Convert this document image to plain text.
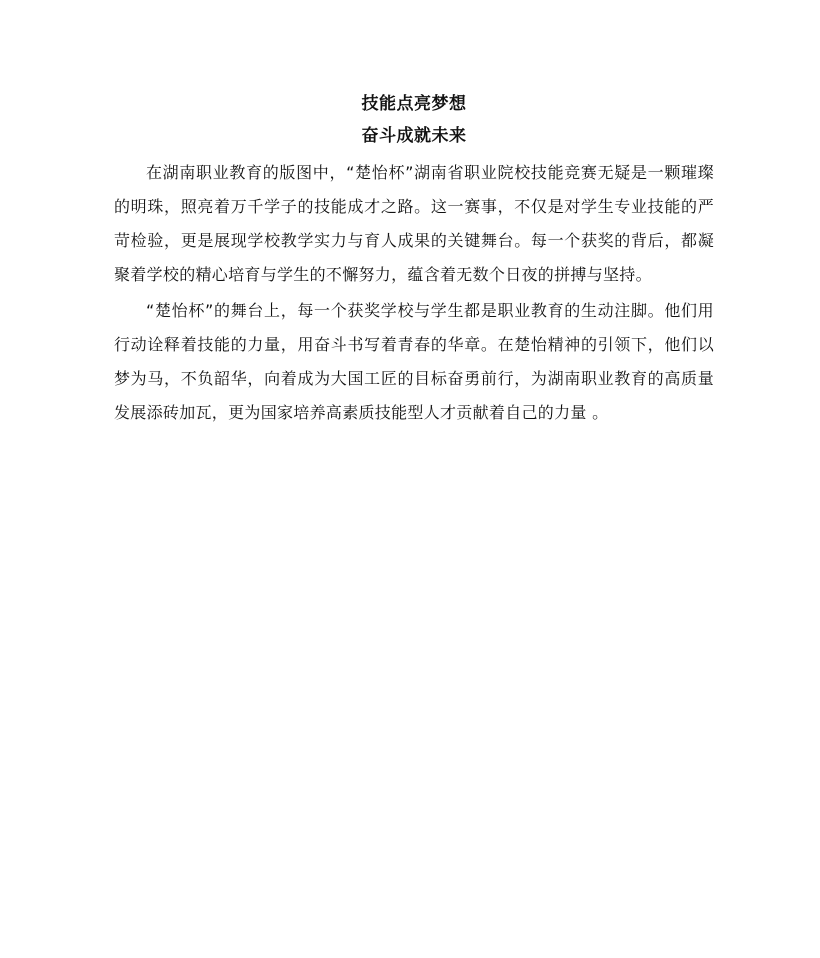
技能点亮梦想
奋斗成就未来

在湖南职业教育的版图中，“楚怡杯”湖南省职业院校技能竞赛无疑是一颗璀璨的明珠，照亮着万千学子的技能成才之路。这一赛事，不仅是对学生专业技能的严苛检验，更是展现学校教学实力与育人成果的关键舞台。每一个获奖的背后，都凝聚着学校的精心培育与学生的不懈努力，蕴含着无数个日夜的拼搏与坚持。

“楚怡杯”的舞台上，每一个获奖学校与学生都是职业教育的生动注脚。他们用行动诠释着技能的力量，用奋斗书写着青春的华章。在楚怡精神的引领下，他们以梦为马，不负韶华，向着成为大国工匠的目标奋勇前行，为湖南职业教育的高质量发展添砖加瓦，更为国家培养高素质技能型人才贡献着自己的力量 。
